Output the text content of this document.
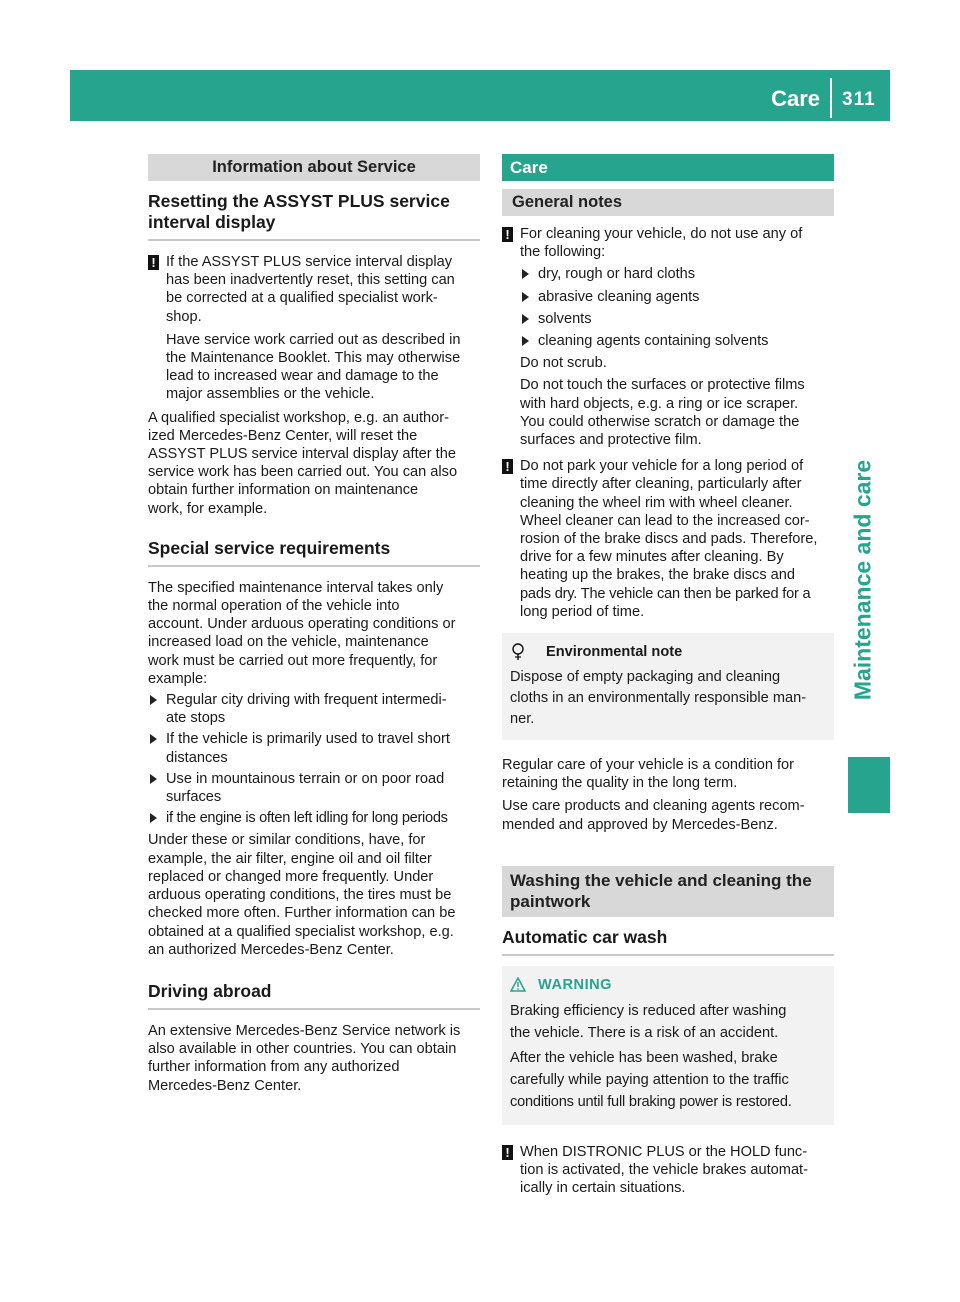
Care 311
Maintenance and care
Information about Service
Resetting the ASSYST PLUS service interval display
! If the ASSYST PLUS service interval display

has been inadvertently reset, this setting can

be corrected at a qualified specialist work-

shop.

Have service work carried out as described in

the Maintenance Booklet. This may otherwise

lead to increased wear and damage to the

major assemblies or the vehicle.

A qualified specialist workshop, e.g. an author-

ized Mercedes-Benz Center, will reset the

ASSYST PLUS service interval display after the

service work has been carried out. You can also

obtain further information on maintenance

work, for example.

Special service requirements

The specified maintenance interval takes only

the normal operation of the vehicle into

account. Under arduous operating conditions or

increased load on the vehicle, maintenance

work must be carried out more frequently, for

example:

Regular city driving with frequent intermedi-
ate stops
If the vehicle is primarily used to travel short
distances
Use in mountainous terrain or on poor road
surfaces
if the engine is often left idling for long periods

Under these or similar conditions, have, for

example, the air filter, engine oil and oil filter

replaced or changed more frequently. Under

arduous operating conditions, the tires must be

checked more often. Further information can be

obtained at a qualified specialist workshop, e.g.

an authorized Mercedes-Benz Center.

Driving abroad

An extensive Mercedes-Benz Service network is

also available in other countries. You can obtain

further information from any authorized

Mercedes-Benz Center.

Care
General notes
! For cleaning your vehicle, do not use any of

the following:

dry, rough or hard cloths
abrasive cleaning agents
solvents
cleaning agents containing solvents

Do not scrub.

Do not touch the surfaces or protective films

with hard objects, e.g. a ring or ice scraper.

You could otherwise scratch or damage the

surfaces and protective film.

! Do not park your vehicle for a long period of

time directly after cleaning, particularly after

cleaning the wheel rim with wheel cleaner.

Wheel cleaner can lead to the increased cor-

rosion of the brake discs and pads. Therefore,

drive for a few minutes after cleaning. By

heating up the brakes, the brake discs and

pads dry. The vehicle can then be parked for a

long period of time.

Environmental note

Dispose of empty packaging and cleaning

cloths in an environmentally responsible man-

ner.

Regular care of your vehicle is a condition for

retaining the quality in the long term.

Use care products and cleaning agents recom-

mended and approved by Mercedes-Benz.

Washing the vehicle and cleaning the
paintwork
Automatic car wash
WARNING

Braking efficiency is reduced after washing

the vehicle. There is a risk of an accident.

After the vehicle has been washed, brake

carefully while paying attention to the traffic

conditions until full braking power is restored.

! When DISTRONIC PLUS or the HOLD func-

tion is activated, the vehicle brakes automat-

ically in certain situations.
